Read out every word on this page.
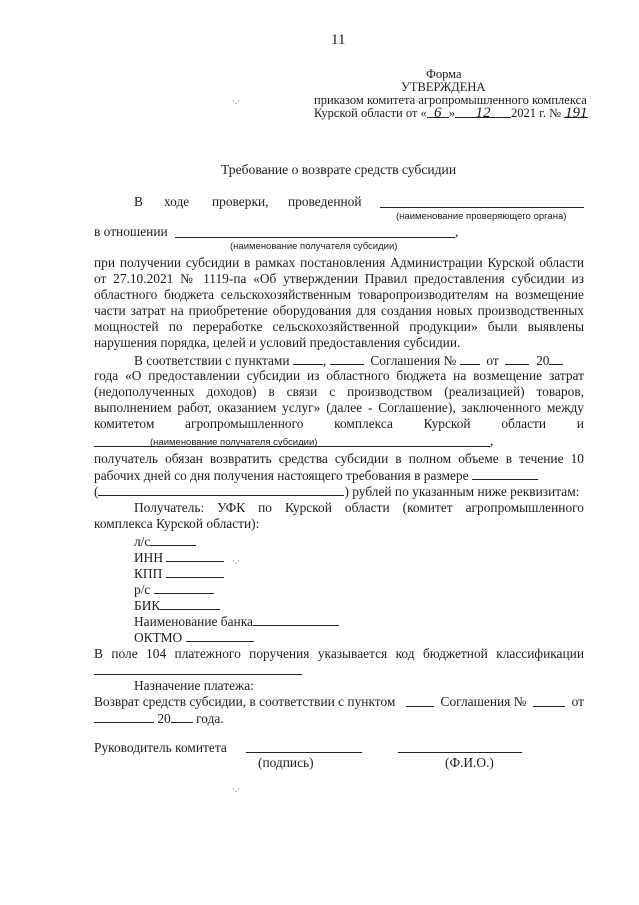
11
Форма
УТВЕРЖДЕНА
приказом комитета агропромышленного комплекса
Курской области от « 6 » 12 2021 г. № 191
·.·
Требование о возврате средств субсидии
В ходе проверки, проведенной
(наименование проверяющего органа)
в отношении	,
(наименование получателя субсидии)
при получении субсидии в рамках постановления Администрации Курской области
от 27.10.2021 № 1119-па «Об утверждении Правил предоставления субсидии из
областного бюджета сельскохозяйственным товаропроизводителям на возмещение
части затрат на приобретение оборудования для создания новых производственных
мощностей по переработке сельскохозяйственной продукции» были выявлены
нарушения порядка, целей и условий предоставления субсидии.
В соответствии с пунктами ,	Соглашения № от	20
года «О предоставлении субсидии из областного бюджета на возмещение затрат
(недополученных доходов) в связи с производством (реализацией) товаров,
выполнением работ, оказанием услуг» (далее - Соглашение), заключенного между
комитетом агропромышленного комплекса Курской области и
,
(наименование получателя субсидии)
получатель обязан возвратить средства субсидии в полном объеме в течение 10
рабочих дней со дня получения настоящего требования в размере
(	) рублей по указанным ниже реквизитам:
Получатель: УФК по Курской области (комитет агропромышленного
комплекса Курской области):
л/с
ИНН
КПП
·.·
р/с
БИК
Наименование банка
ОКТМО
В поле 104 платежного поручения указывается код бюджетной классификации
Назначение платежа:
Возврат средств субсидии, в соответствии с пунктом	Соглашения №	от
20 года.
Руководитель комитета
(подпись)	(Ф.И.О.)
·.·
